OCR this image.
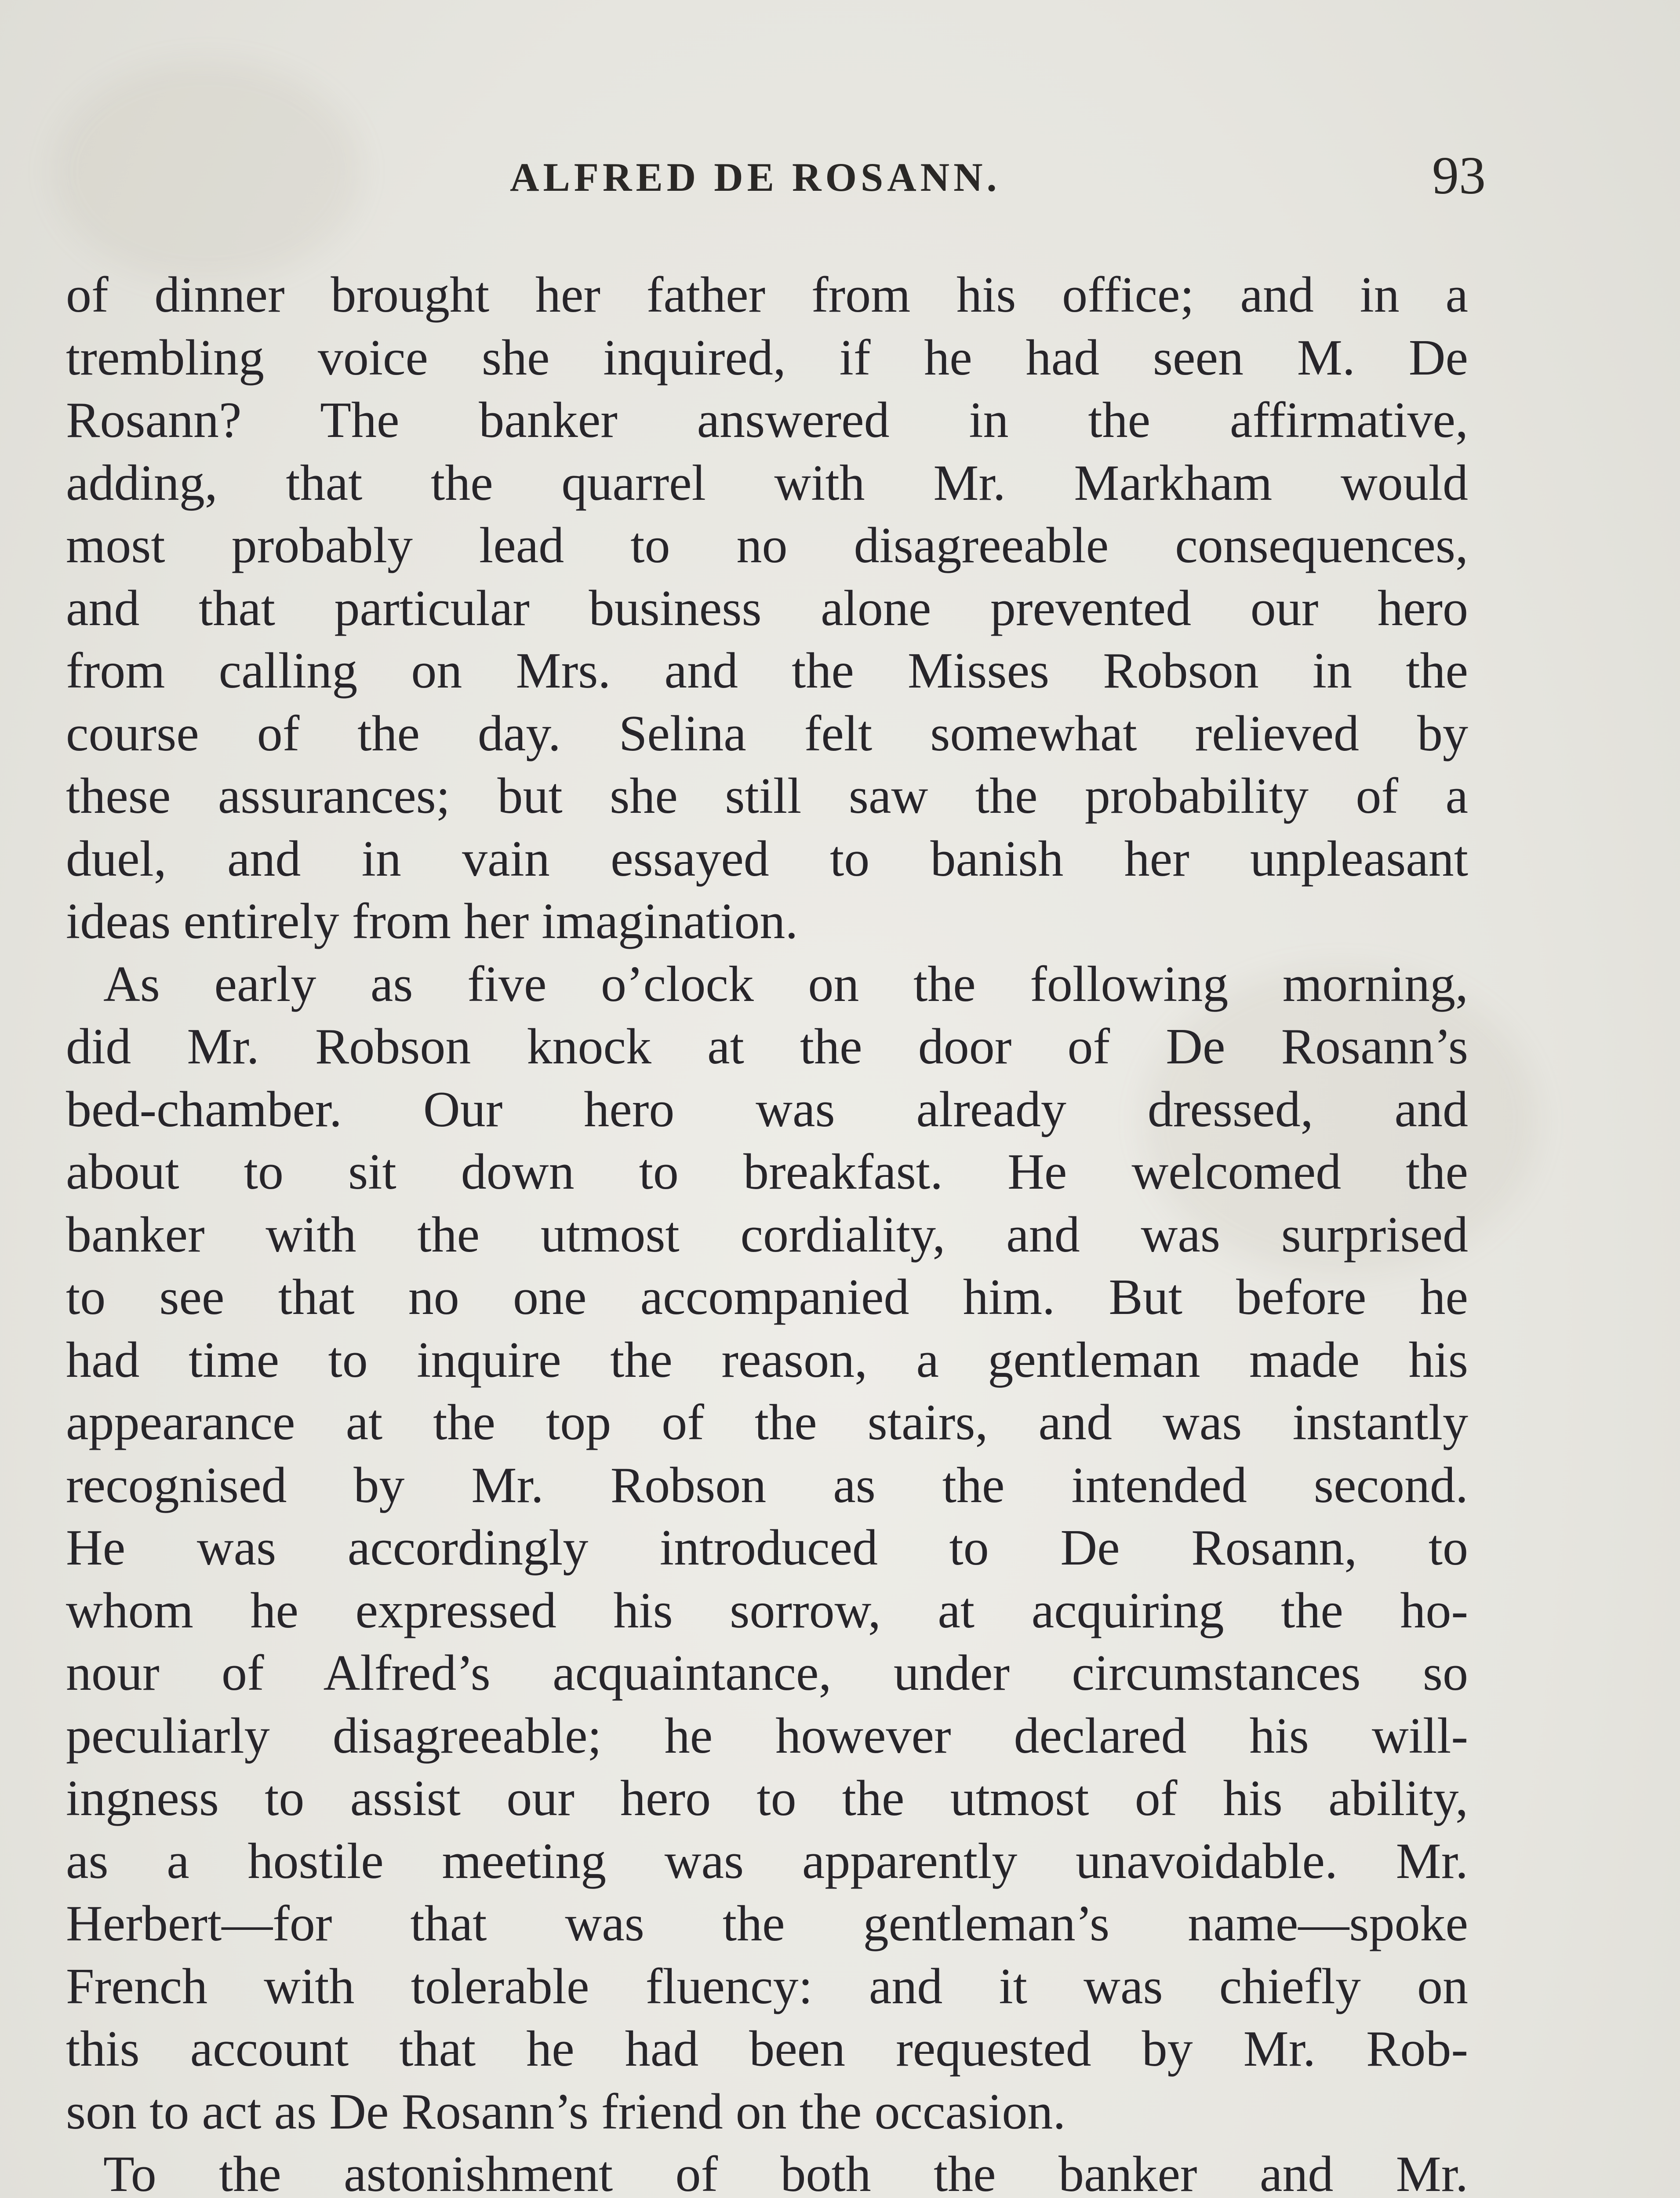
ALFRED DE ROSANN.	93
of dinner brought her father from his office; and in a
trembling voice she inquired, if he had seen M. De
Rosann? The banker answered in the affirmative,
adding, that the quarrel with Mr. Markham would
most probably lead to no disagreeable consequences,
and that particular business alone prevented our hero
from calling on Mrs. and the Misses Robson in the
course of the day. Selina felt somewhat relieved by
these assurances; but she still saw the probability of a
duel, and in vain essayed to banish her unpleasant
ideas entirely from her imagination.
As early as five o’clock on the following morning,
did Mr. Robson knock at the door of De Rosann’s
bed-chamber. Our hero was already dressed, and
about to sit down to breakfast. He welcomed the
banker with the utmost cordiality, and was surprised
to see that no one accompanied him. But before he
had time to inquire the reason, a gentleman made his
appearance at the top of the stairs, and was instantly
recognised by Mr. Robson as the intended second.
He was accordingly introduced to De Rosann, to
whom he expressed his sorrow, at acquiring the ho-
nour of Alfred’s acquaintance, under circumstances so
peculiarly disagreeable; he however declared his will-
ingness to assist our hero to the utmost of his ability,
as a hostile meeting was apparently unavoidable. Mr.
Herbert—for that was the gentleman’s name—spoke
French with tolerable fluency: and it was chiefly on
this account that he had been requested by Mr. Rob-
son to act as De Rosann’s friend on the occasion.
To the astonishment of both the banker and Mr.
